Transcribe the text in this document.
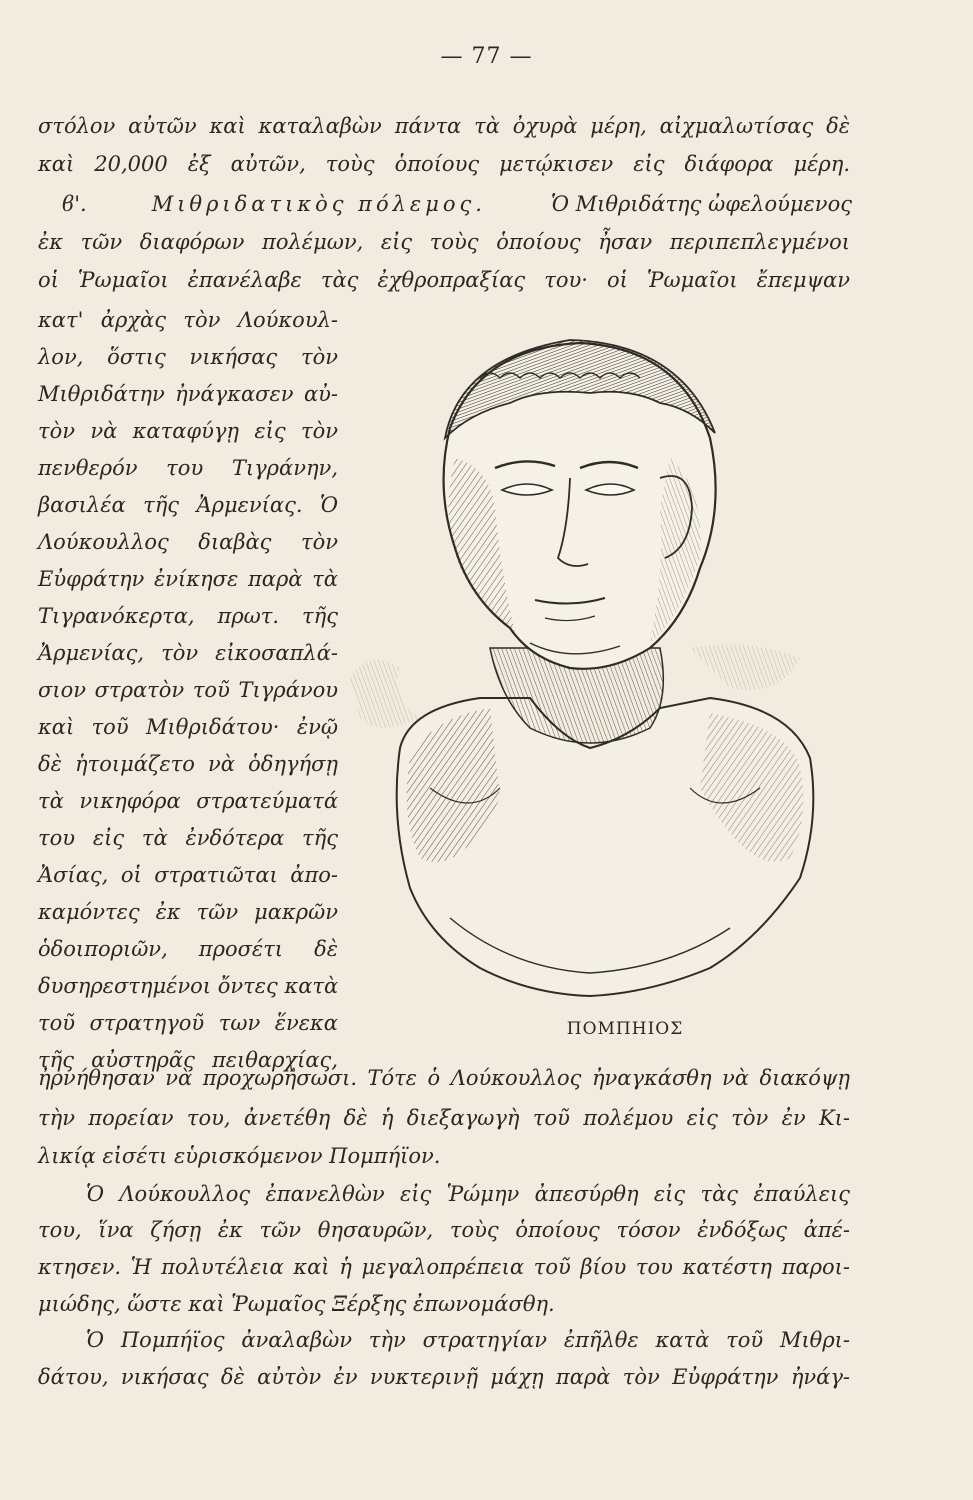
— 77 —
στόλον αὐτῶν καὶ καταλαβὼν πάντα τὰ ὀχυρὰ μέρη, αἰχμαλωτίσας δὲ
καὶ 20,000 ἐξ αὐτῶν, τοὺς ὁποίους μετῴκισεν εἰς διάφορα μέρη.
ϐ'.	Μιθριδατικὸς πόλεμος.	Ὁ Μιθριδάτης ὠφελούμενος
ἐκ τῶν διαφόρων πολέμων, εἰς τοὺς ὁποίους ἦσαν περιπεπλεγμένοι
οἱ Ῥωμαῖοι ἐπανέλαβε τὰς ἐχθροπραξίας του· οἱ Ῥωμαῖοι ἔπεμψαν
κατ' ἀρχὰς τὸν Λούκουλ-
λον, ὅστις νικήσας τὸν
Μιθριδάτην ἠνάγκασεν αὐ-
τὸν νὰ καταφύγῃ εἰς τὸν
πενθερόν του Τιγράνην,
βασιλέα τῆς Ἀρμενίας. Ὁ
Λούκουλλος διαβὰς τὸν
Εὐφράτην ἐνίκησε παρὰ τὰ
Τιγρανόκερτα, πρωτ. τῆς
Ἀρμενίας, τὸν εἰκοσαπλά-
σιον στρατὸν τοῦ Τιγράνου
καὶ τοῦ Μιθριδάτου· ἐνῷ
δὲ ἡτοιμάζετο νὰ ὁδηγήσῃ
τὰ νικηφόρα στρατεύματά
του εἰς τὰ ἐνδότερα τῆς
Ἀσίας, οἱ στρατιῶται ἀπο-
καμόντες ἐκ τῶν μακρῶν
ὁδοιποριῶν, προσέτι δὲ
δυσηρεστημένοι ὄντες κατὰ
τοῦ στρατηγοῦ των ἕνεκα
τῆς αὐστηρᾶς πειθαρχίας,
ΠΟΜΠΗΙΟΣ
ἠρνήθησαν νὰ προχωρήσωσι. Τότε ὁ Λούκουλλος ἠναγκάσθη νὰ διακόψῃ
τὴν πορείαν του, ἀνετέθη δὲ ἡ διεξαγωγὴ τοῦ πολέμου εἰς τὸν ἐν Κι-
λικίᾳ εἰσέτι εὑρισκόμενον Πομπήϊον.
Ὁ Λούκουλλος ἐπανελθὼν εἰς Ῥώμην ἀπεσύρθη εἰς τὰς ἐπαύλεις
του, ἵνα ζήσῃ ἐκ τῶν θησαυρῶν, τοὺς ὁποίους τόσον ἐνδόξως ἀπέ-
κτησεν. Ἡ πολυτέλεια καὶ ἡ μεγαλοπρέπεια τοῦ βίου του κατέστη παροι-
μιώδης, ὥστε καὶ Ῥωμαῖος Ξέρξης ἐπωνομάσθη.
Ὁ Πομπήϊος ἀναλαβὼν τὴν στρατηγίαν ἐπῆλθε κατὰ τοῦ Μιθρι-
δάτου, νικήσας δὲ αὐτὸν ἐν νυκτερινῇ μάχῃ παρὰ τὸν Εὐφράτην ἠνάγ-
